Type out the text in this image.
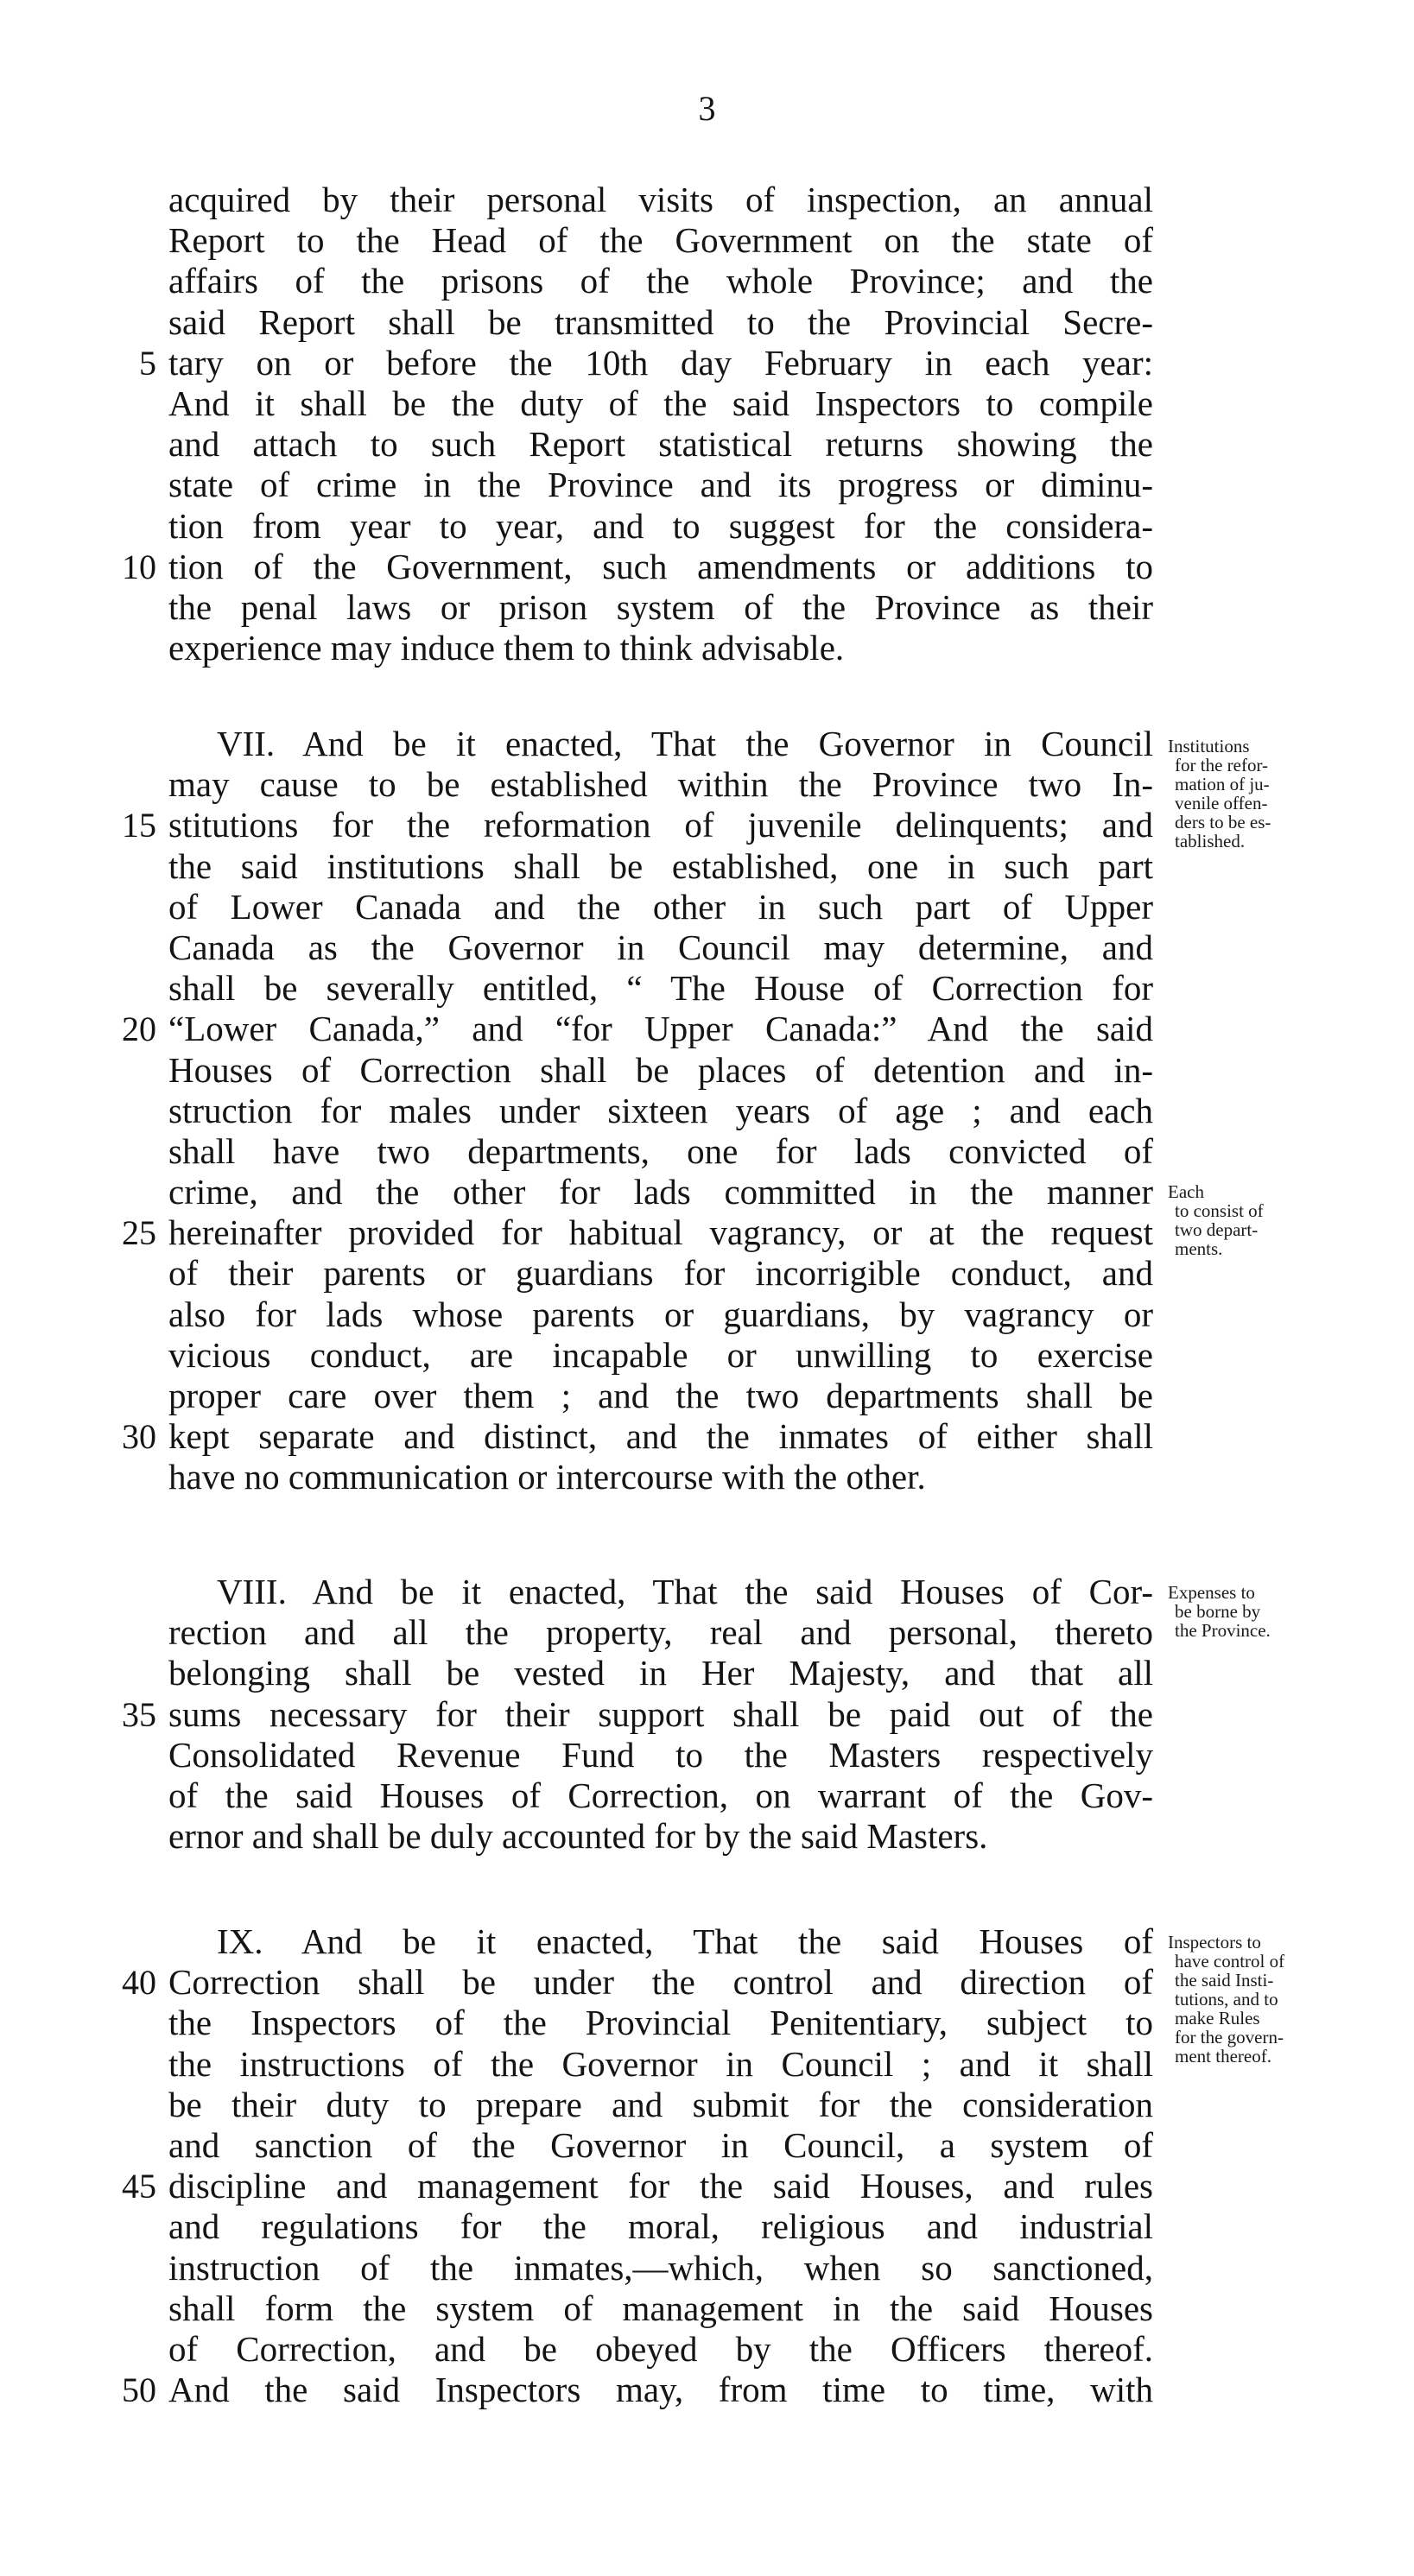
3
acquired by their personal visits of inspection, an annual
Report to the Head of the Government on the state of
affairs of the prisons of the whole Province; and the
said Report shall be transmitted to the Provincial Secre-
5 tary on or before the 10th day February in each year:
And it shall be the duty of the said Inspectors to compile
and attach to such Report statistical returns showing the
state of crime in the Province and its progress or diminu-
tion from year to year, and to suggest for the considera-
10 tion of the Government, such amendments or additions to
the penal laws or prison system of the Province as their
experience may induce them to think advisable.
VII. And be it enacted, That the Governor in Council
may cause to be established within the Province two In-
15 stitutions for the reformation of juvenile delinquents; and
the said institutions shall be established, one in such part
of Lower Canada and the other in such part of Upper
Canada as the Governor in Council may determine, and
shall be severally entitled, “ The House of Correction for
20 “Lower Canada,” and “for Upper Canada:” And the said
Houses of Correction shall be places of detention and in-
struction for males under sixteen years of age ; and each
shall have two departments, one for lads convicted of
crime, and the other for lads committed in the manner
25 hereinafter provided for habitual vagrancy, or at the request
of their parents or guardians for incorrigible conduct, and
also for lads whose parents or guardians, by vagrancy or
vicious conduct, are incapable or unwilling to exercise
proper care over them ; and the two departments shall be
30 kept separate and distinct, and the inmates of either shall
have no communication or intercourse with the other.
VIII. And be it enacted, That the said Houses of Cor-
rection and all the property, real and personal, thereto
belonging shall be vested in Her Majesty, and that all
35 sums necessary for their support shall be paid out of the
Consolidated Revenue Fund to the Masters respectively
of the said Houses of Correction, on warrant of the Gov-
ernor and shall be duly accounted for by the said Masters.
IX. And be it enacted, That the said Houses of
40 Correction shall be under the control and direction of
the Inspectors of the Provincial Penitentiary, subject to
the instructions of the Governor in Council ; and it shall
be their duty to prepare and submit for the consideration
and sanction of the Governor in Council, a system of
45 discipline and management for the said Houses, and rules
and regulations for the moral, religious and industrial
instruction of the inmates,—which, when so sanctioned,
shall form the system of management in the said Houses
of Correction, and be obeyed by the Officers thereof.
50 And the said Inspectors may, from time to time, with
Institutions
for the refor-
mation of ju-
venile offen-
ders to be es-
tablished.
Each
to consist of
two depart-
ments.
Expenses to
be borne by
the Province.
Inspectors to
have control of
the said Insti-
tutions, and to
make Rules
for the govern-
ment thereof.
